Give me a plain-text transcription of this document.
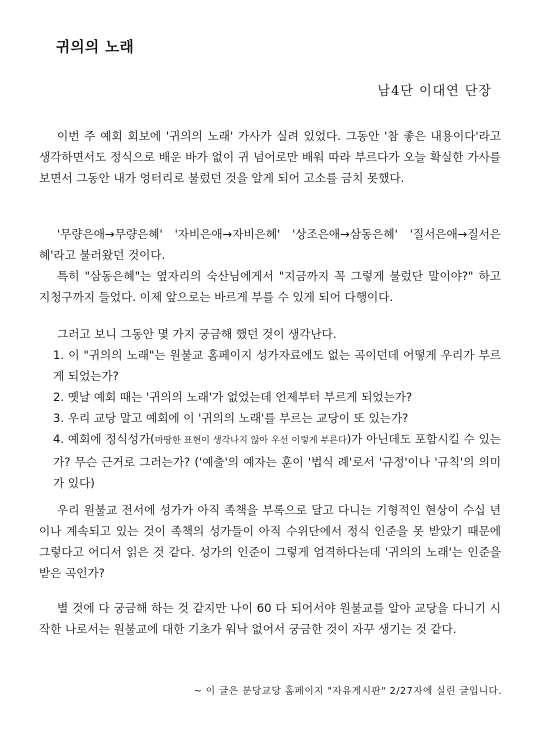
귀의의 노래
남4단 이대연 단장

이번 주 예회 회보에 '귀의의 노래' 가사가 실려 있었다. 그동안 '참 좋은 내용이다'라고 생각하면서도 정식으로 배운 바가 없이 귀 넘어로만 배워 따라 부르다가 오늘 확실한 가사를 보면서 그동안 내가 엉터리로 불렀던 것을 알게 되어 고소를 금치 못했다.

'무량은애→무량은혜' '자비은애→자비은혜' '상조은애→삼동은혜' '질서은애→질서은혜'라고 불러왔던 것이다.

특히 "삼동은혜"는 옆자리의 숙산님에게서 "지금까지 꼭 그렇게 불렀단 말이야?" 하고 지청구까지 들었다. 이제 앞으로는 바르게 부를 수 있게 되어 다행이다.

그러고 보니 그동안 몇 가지 궁금해 했던 것이 생각난다.

1. 이 "귀의의 노래"는 원불교 홈페이지 성가자료에도 없는 곡이던데 어떻게 우리가 부르게 되었는가?

2. 옛날 예회 때는 '귀의의 노래'가 없었는데 언제부터 부르게 되었는가?

3. 우리 교당 말고 예회에 이 '귀의의 노래'를 부르는 교당이 또 있는가?

4. 예회에 정식성가(마땅한 표현이 생각나지 않아 우선 이렇게 부른다)가 아닌데도 포함시킬 수 있는가? 무슨 근거로 그러는가? ('예출'의 예자는 훈이 '법식 례'로서 '규정'이나 '규칙'의 의미가 있다)

우리 원불교 전서에 성가가 아직 족책을 부록으로 달고 다니는 기형적인 현상이 수십 년이나 계속되고 있는 것이 족책의 성가들이 아직 수위단에서 정식 인준을 못 받았기 때문에 그렇다고 어디서 읽은 것 같다. 성가의 인준이 그렇게 엄격하다는데 '귀의의 노래'는 인준을 받은 곡인가?

별 것에 다 궁금해 하는 것 같지만 나이 60 다 되어서야 원불교를 알아 교당을 다니기 시작한 나로서는 원불교에 대한 기초가 워낙 없어서 궁금한 것이 자꾸 생기는 것 같다.

~ 이 글은 분당교당 홈페이지 "자유게시판" 2/27자에 실린 글입니다.
